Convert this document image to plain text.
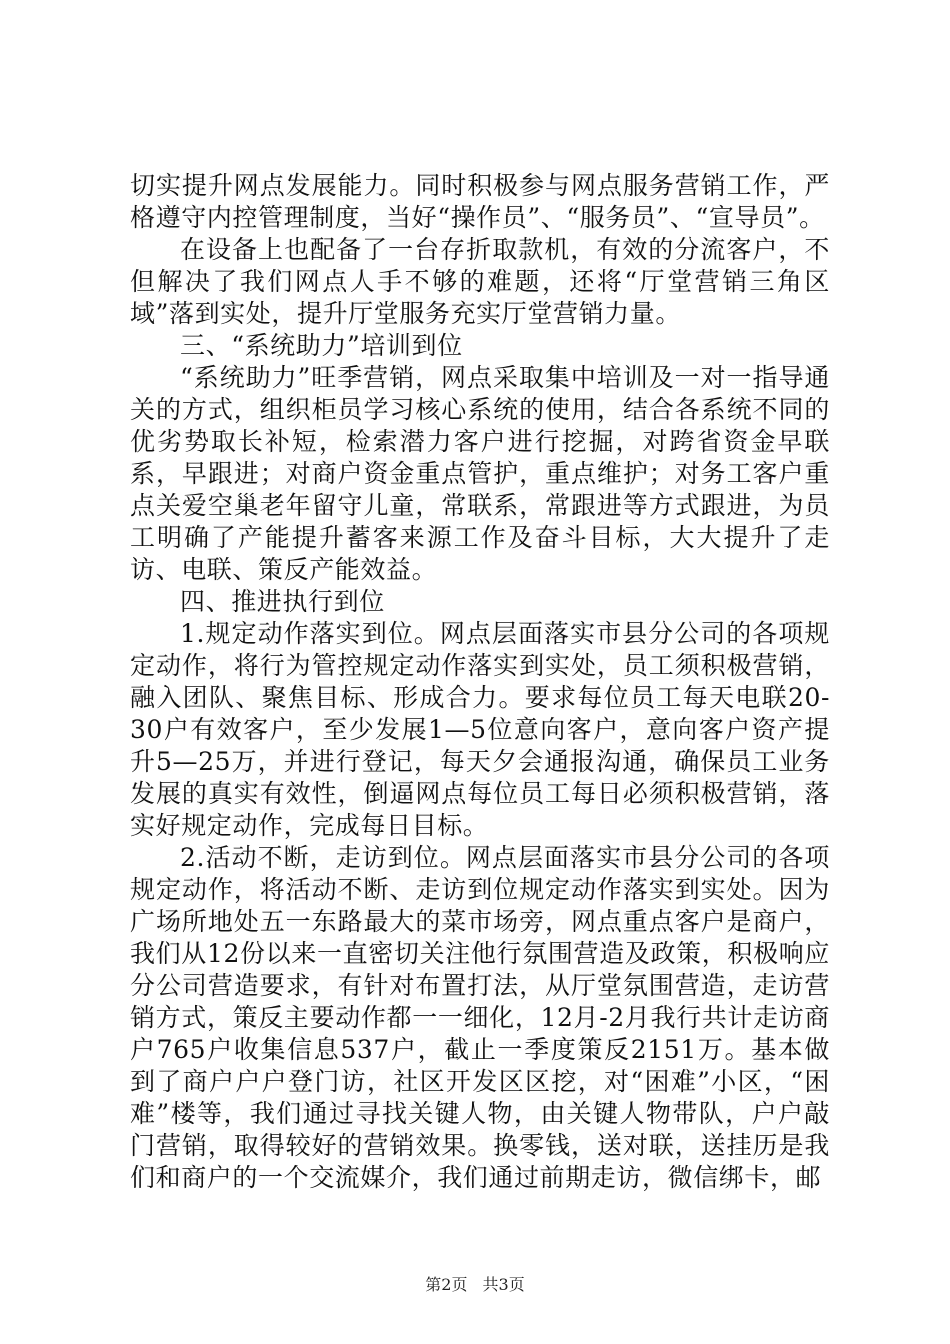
切实提升网点发展能力。同时积极参与网点服务营销工作，严格遵守内控管理制度，当好“操作员”、“服务员”、“宣导员”。

在设备上也配备了一台存折取款机，有效的分流客户，不但解决了我们网点人手不够的难题，还将“厅堂营销三角区域”落到实处，提升厅堂服务充实厅堂营销力量。

三、“系统助力”培训到位

“系统助力”旺季营销，网点采取集中培训及一对一指导通关的方式，组织柜员学习核心系统的使用，结合各系统不同的优劣势取长补短，检索潜力客户进行挖掘，对跨省资金早联系，早跟进；对商户资金重点管护，重点维护；对务工客户重点关爱空巢老年留守儿童，常联系，常跟进等方式跟进，为员工明确了产能提升蓄客来源工作及奋斗目标，大大提升了走访、电联、策反产能效益。

四、推进执行到位

1.规定动作落实到位。网点层面落实市县分公司的各项规定动作，将行为管控规定动作落实到实处，员工须积极营销，融入团队、聚焦目标、形成合力。要求每位员工每天电联20-30户有效客户，至少发展1—5位意向客户，意向客户资产提升5—25万，并进行登记，每天夕会通报沟通，确保员工业务发展的真实有效性，倒逼网点每位员工每日必须积极营销，落实好规定动作，完成每日目标。

2.活动不断，走访到位。网点层面落实市县分公司的各项规定动作，将活动不断、走访到位规定动作落实到实处。因为广场所地处五一东路最大的菜市场旁，网点重点客户是商户，我们从12份以来一直密切关注他行氛围营造及政策，积极响应分公司营造要求，有针对布置打法，从厅堂氛围营造，走访营销方式，策反主要动作都一一细化，12月-2月我行共计走访商户765户收集信息537户，截止一季度策反2151万。基本做到了商户户户登门访，社区开发区区挖，对“困难”小区，“困难”楼等，我们通过寻找关键人物，由关键人物带队，户户敲门营销，取得较好的营销效果。换零钱，送对联，送挂历是我们和商户的一个交流媒介，我们通过前期走访，微信绑卡，邮

第2页 共3页
